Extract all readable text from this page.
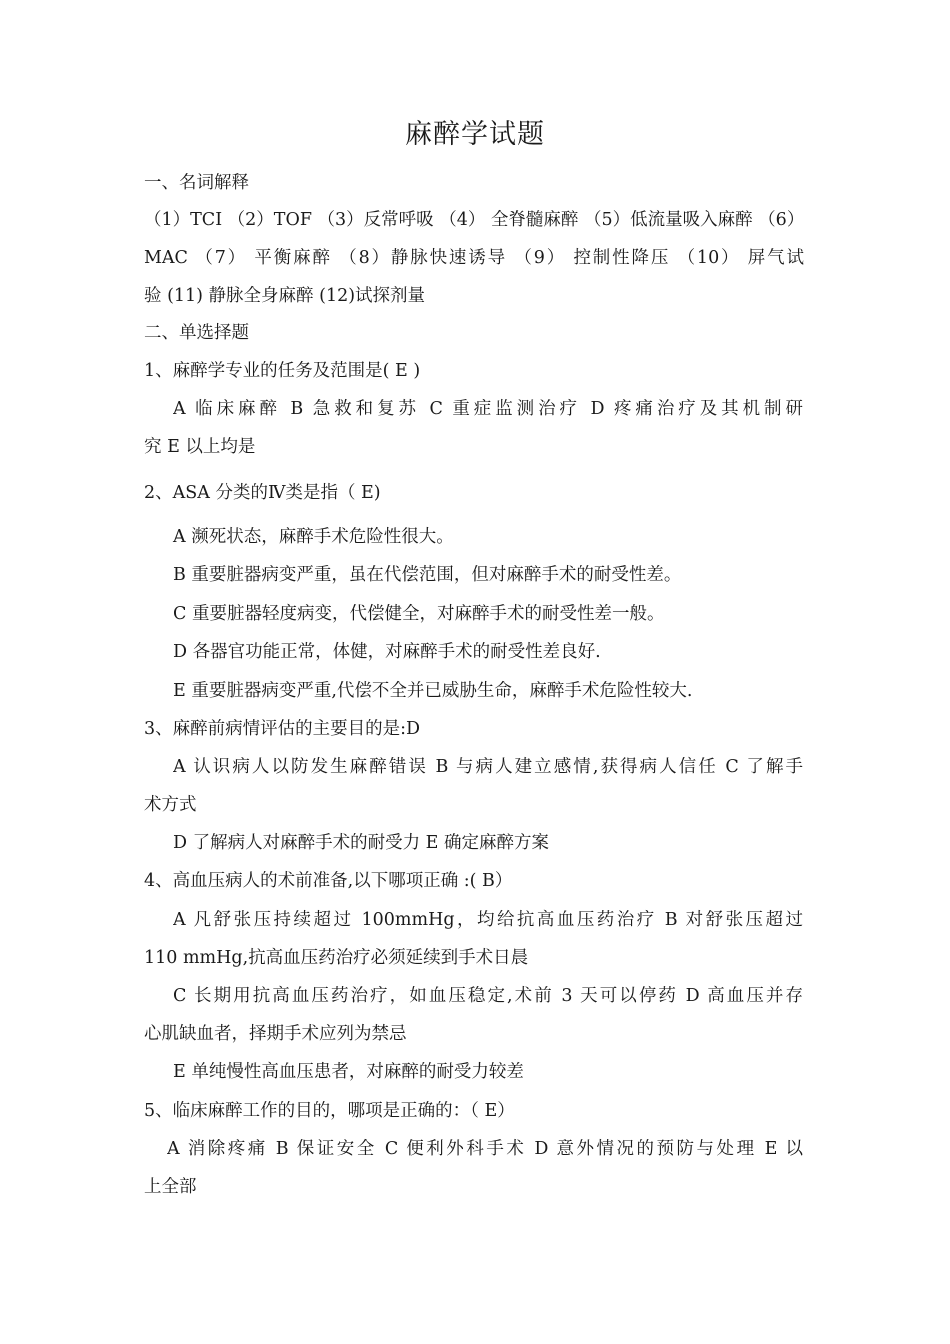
麻醉学试题
一、名词解释
（1）TCI （2）TOF （3）反常呼吸 （4） 全脊髓麻醉 （5）低流量吸入麻醉 （6）
MAC （7） 平衡麻醉 （8）静脉快速诱导 （9） 控制性降压 （10） 屏气试
验 (11) 静脉全身麻醉 (12)试探剂量
二、单选择题
1、麻醉学专业的任务及范围是( E )
A 临床麻醉 B 急救和复苏 C 重症监测治疗 D 疼痛治疗及其机制研
究 E 以上均是
2、ASA 分类的Ⅳ类是指（ E)
A 濒死状态，麻醉手术危险性很大。
B 重要脏器病变严重，虽在代偿范围，但对麻醉手术的耐受性差。
C 重要脏器轻度病变，代偿健全，对麻醉手术的耐受性差一般。
D 各器官功能正常，体健，对麻醉手术的耐受性差良好.
E 重要脏器病变严重,代偿不全并已威胁生命，麻醉手术危险性较大.
3、麻醉前病情评估的主要目的是:D
A 认识病人以防发生麻醉错误 B 与病人建立感情,获得病人信任 C 了解手
术方式
D 了解病人对麻醉手术的耐受力 E 确定麻醉方案
4、高血压病人的术前准备,以下哪项正确 :( B）
A 凡舒张压持续超过 100mmHg，均给抗高血压药治疗 B 对舒张压超过
110 mmHg,抗高血压药治疗必须延续到手术日晨
C 长期用抗高血压药治疗，如血压稳定,术前 3 天可以停药 D 高血压并存
心肌缺血者，择期手术应列为禁忌
E 单纯慢性高血压患者，对麻醉的耐受力较差
5、临床麻醉工作的目的，哪项是正确的：（ E）
A 消除疼痛 B 保证安全 C 便利外科手术 D 意外情况的预防与处理 E 以
上全部
